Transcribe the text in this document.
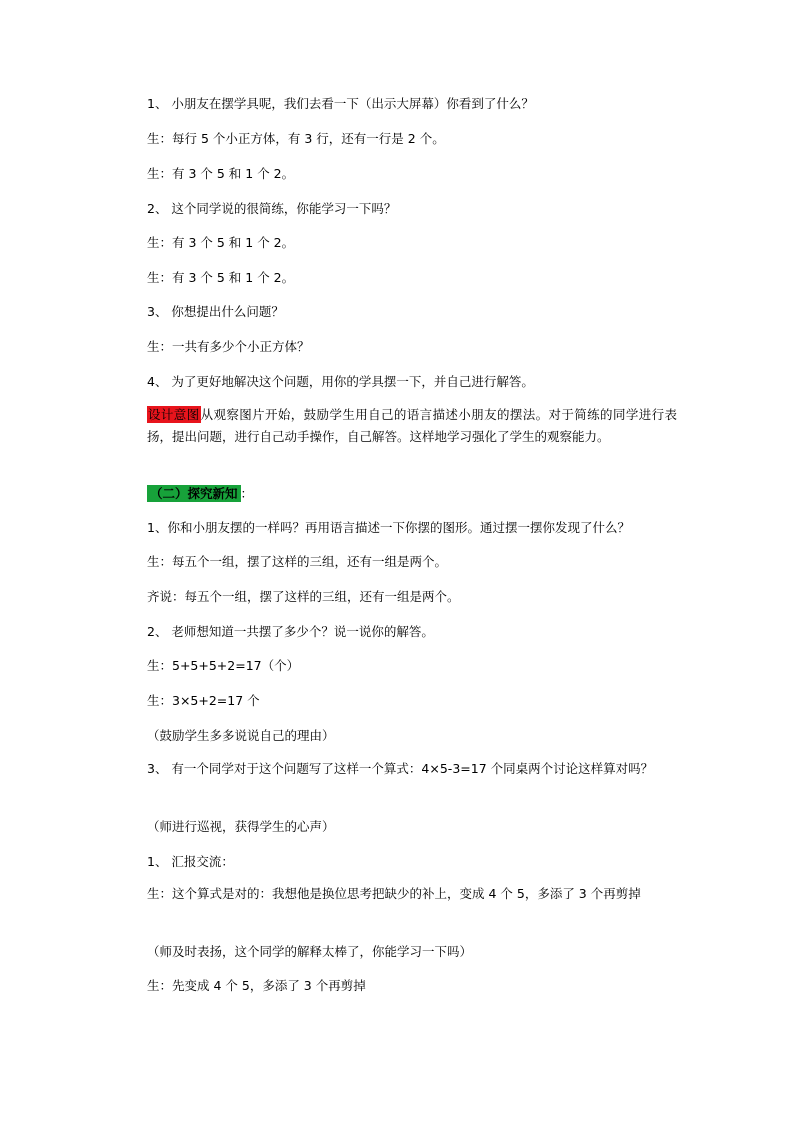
1、 小朋友在摆学具呢，我们去看一下（出示大屏幕）你看到了什么？
生：每行 5 个小正方体，有 3 行，还有一行是 2 个。
生：有 3 个 5 和 1 个 2。
2、 这个同学说的很简练，你能学习一下吗？
生：有 3 个 5 和 1 个 2。
生：有 3 个 5 和 1 个 2。
3、 你想提出什么问题？
生：一共有多少个小正方体？
4、 为了更好地解决这个问题，用你的学具摆一下，并自己进行解答。
设计意图从观察图片开始，鼓励学生用自己的语言描述小朋友的摆法。对于简练的同学进行表扬，提出问题，进行自己动手操作，自己解答。这样地学习强化了学生的观察能力。
（二）探究新知 ：
1、你和小朋友摆的一样吗？再用语言描述一下你摆的图形。通过摆一摆你发现了什么？
生：每五个一组，摆了这样的三组，还有一组是两个。
齐说：每五个一组，摆了这样的三组，还有一组是两个。
2、 老师想知道一共摆了多少个？说一说你的解答。
生：5+5+5+2=17（个）
生：3×5+2=17 个
（鼓励学生多多说说自己的理由）
3、 有一个同学对于这个问题写了这样一个算式：4×5-3=17 个同桌两个讨论这样算对吗？
（师进行巡视，获得学生的心声）
1、 汇报交流：
生：这个算式是对的：我想他是换位思考把缺少的补上，变成 4 个 5，多添了 3 个再剪掉
（师及时表扬，这个同学的解释太棒了，你能学习一下吗）
生：先变成 4 个 5，多添了 3 个再剪掉
